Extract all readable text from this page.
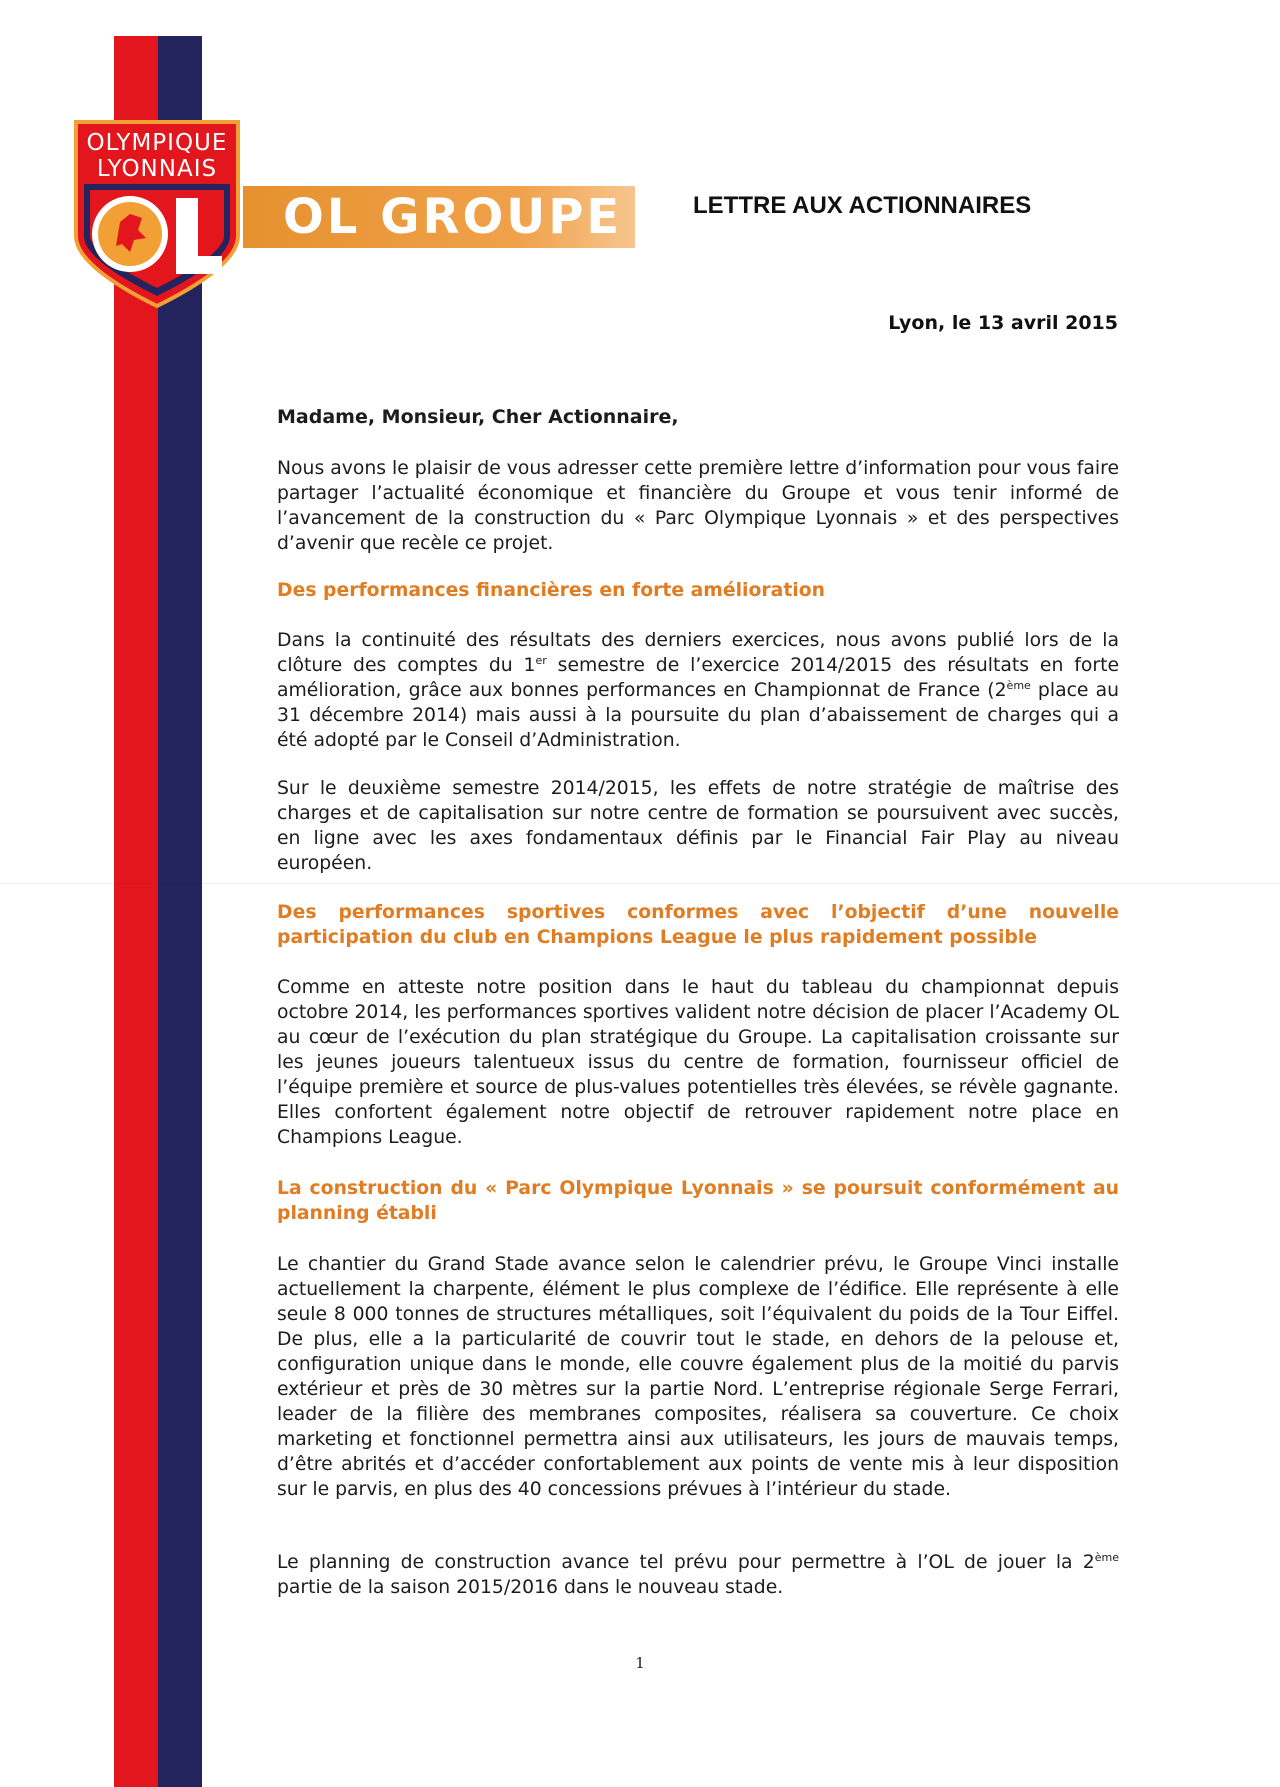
OLYMPIQUE
LYONNAIS
OL GROUPE	LETTRE AUX ACTIONNAIRES
Lyon, le 13 avril 2015
Madame, Monsieur, Cher Actionnaire,
Nous avons le plaisir de vous adresser cette première lettre d’information pour vous faire partager l’actualité économique et financière du Groupe et vous tenir informé de l’avancement de la construction du « Parc Olympique Lyonnais » et des perspectives d’avenir que recèle ce projet.
Des performances financières en forte amélioration
Dans la continuité des résultats des derniers exercices, nous avons publié lors de la clôture des comptes du 1er semestre de l’exercice 2014/2015 des résultats en forte amélioration, grâce aux bonnes performances en Championnat de France (2ème place au 31 décembre 2014) mais aussi à la poursuite du plan d’abaissement de charges qui a été adopté par le Conseil d’Administration.
Sur le deuxième semestre 2014/2015, les effets de notre stratégie de maîtrise des charges et de capitalisation sur notre centre de formation se poursuivent avec succès, en ligne avec les axes fondamentaux définis par le Financial Fair Play au niveau européen.
Des performances sportives conformes avec l’objectif d’une nouvelle participation du club en Champions League le plus rapidement possible
Comme en atteste notre position dans le haut du tableau du championnat depuis octobre 2014, les performances sportives valident notre décision de placer l’Academy OL au cœur de l’exécution du plan stratégique du Groupe. La capitalisation croissante sur les jeunes joueurs talentueux issus du centre de formation, fournisseur officiel de l’équipe première et source de plus-values potentielles très élevées, se révèle gagnante. Elles confortent également notre objectif de retrouver rapidement notre place en Champions League.
La construction du « Parc Olympique Lyonnais » se poursuit conformément au planning établi
Le chantier du Grand Stade avance selon le calendrier prévu, le Groupe Vinci installe actuellement la charpente, élément le plus complexe de l’édifice. Elle représente à elle seule 8 000 tonnes de structures métalliques, soit l’équivalent du poids de la Tour Eiffel. De plus, elle a la particularité de couvrir tout le stade, en dehors de la pelouse et, configuration unique dans le monde, elle couvre également plus de la moitié du parvis extérieur et près de 30 mètres sur la partie Nord. L’entreprise régionale Serge Ferrari, leader de la filière des membranes composites, réalisera sa couverture. Ce choix marketing et fonctionnel permettra ainsi aux utilisateurs, les jours de mauvais temps, d’être abrités et d’accéder confortablement aux points de vente mis à leur disposition sur le parvis, en plus des 40 concessions prévues à l’intérieur du stade.
Le planning de construction avance tel prévu pour permettre à l’OL de jouer la 2ème partie de la saison 2015/2016 dans le nouveau stade.
1
